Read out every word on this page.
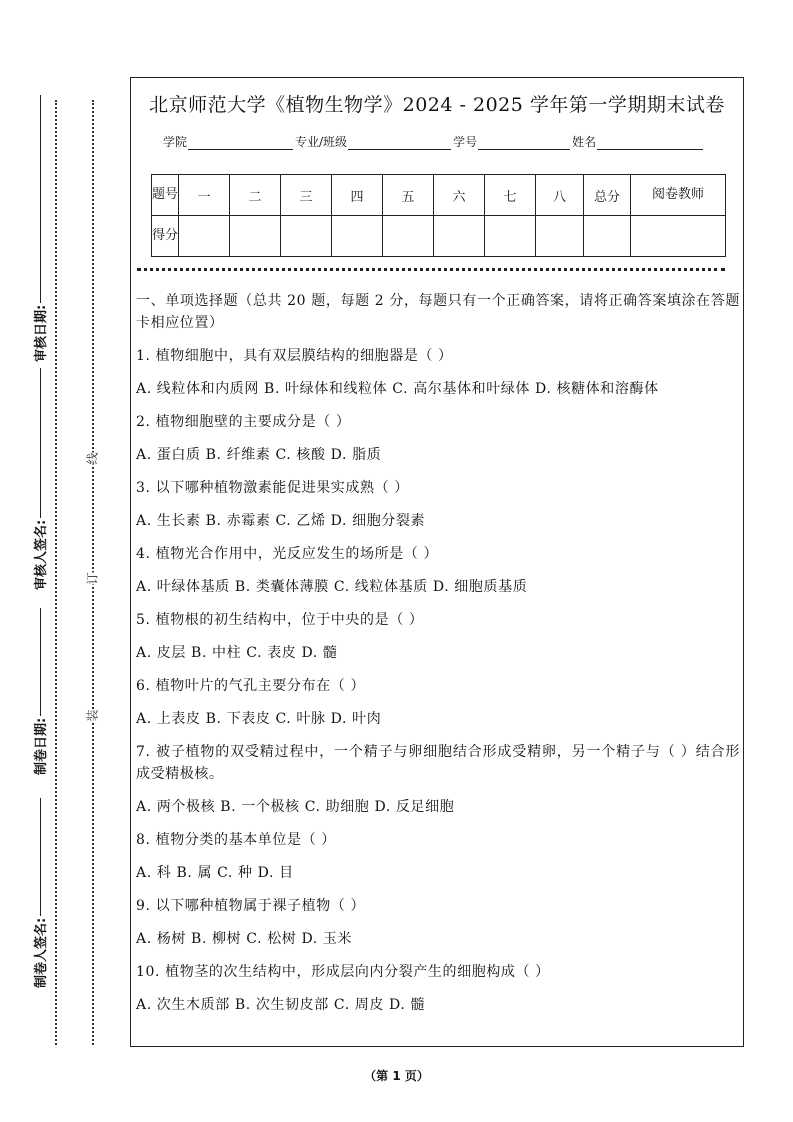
线
订
装
审核日期:
审核人签名:
制卷日期:
制卷人签名:
北京师范大学《植物生物学》2024 - 2025 学年第一学期期末试卷
学院	专业/班级	学号	姓名
题号	一	二	三	四	五	六	七	八	总分	阅卷教师
得分										

一、单项选择题（总共 20 题，每题 2 分，每题只有一个正确答案，请将正确答案填涂在答题卡相应位置）

1. 植物细胞中，具有双层膜结构的细胞器是（ ）

A. 线粒体和内质网 B. 叶绿体和线粒体 C. 高尔基体和叶绿体 D. 核糖体和溶酶体

2. 植物细胞壁的主要成分是（ ）

A. 蛋白质 B. 纤维素 C. 核酸 D. 脂质

3. 以下哪种植物激素能促进果实成熟（ ）

A. 生长素 B. 赤霉素 C. 乙烯 D. 细胞分裂素

4. 植物光合作用中，光反应发生的场所是（ ）

A. 叶绿体基质 B. 类囊体薄膜 C. 线粒体基质 D. 细胞质基质

5. 植物根的初生结构中，位于中央的是（ ）

A. 皮层 B. 中柱 C. 表皮 D. 髓

6. 植物叶片的气孔主要分布在（ ）

A. 上表皮 B. 下表皮 C. 叶脉 D. 叶肉

7. 被子植物的双受精过程中，一个精子与卵细胞结合形成受精卵，另一个精子与（ ）结合形成受精极核。

A. 两个极核 B. 一个极核 C. 助细胞 D. 反足细胞

8. 植物分类的基本单位是（ ）

A. 科 B. 属 C. 种 D. 目

9. 以下哪种植物属于裸子植物（ ）

A. 杨树 B. 柳树 C. 松树 D. 玉米

10. 植物茎的次生结构中，形成层向内分裂产生的细胞构成（ ）

A. 次生木质部 B. 次生韧皮部 C. 周皮 D. 髓

（第 1 页）
